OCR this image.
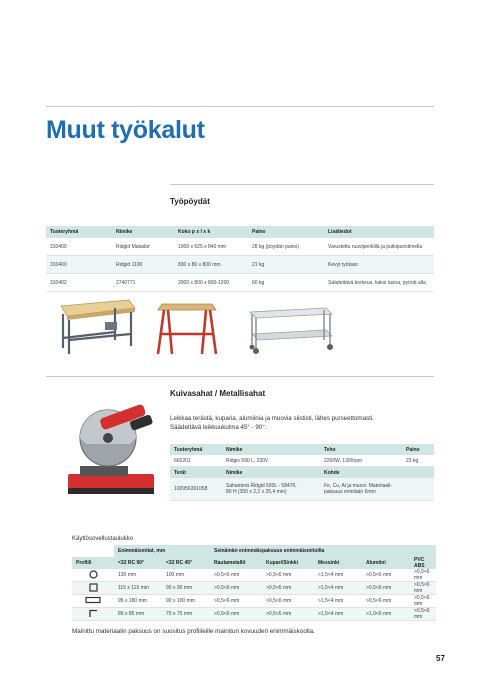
Muut työkalut
Työpöydät
Tuoteryhmä	Nimike	Koko p x l x k	Paino	Lisätiedot
310400	Ridgid Matador	1000 x 625 x 840 mm	28 kg (pöydän paino)	Varustettu ruuvipenkillä ja putkipuristimella
310400	Ridgid 1100	830 x 80 x 800 mm	21 kg	Kevyt työtaso
310402	2740771	2000 x 800 x 800-1200	60 kg	Säädettävä korkeus, kaksi tasoa, pyörät alla
Kuivasahat / Metallisahat

Leikkaa terästä, kuparia, alumiinia ja muovia siististi, lähes purseettomasti.
Säädettävä leikkuukulma 45° - 90°.

Tuoteryhmä	Nimike	Teho	Paino
660201	Ridgis 590 L, 230V	2200W, 1300rpm	23 kg
Terät	Nimike	Kohde	
100956301058	Sahanterä Ridgid 590L - 58476,
80 H (350 x 2,2 x 25,4 mm)	Fe, Cu, Al ja muovi. Materiaali-
paksuus enintään 6mm	

Käyttösovellustaulukko

	Enimmäismitat, mm		Seinämän enimmäispaksuus enimmäismitoilla				
Profiili	<32 RC 90°	<32 RC 45°	Rautametallit	Kupari/Sinkki	Messinki	Alumiini	PVC ABS
	130 mm	100 mm	>0,5<6 mm	>0,5<6 mm	>1,5<4 mm	>0,5<6 mm	>0,5<6 mm
	115 x 115 mm	90 x 90 mm	>0,5<6 mm	>0,5<6 mm	>1,5<4 mm	>0,5<6 mm	>0,5<6 mm
	95 x 180 mm	90 x 100 mm	>0,5<6 mm	>0,5<6 mm	>1,5<4 mm	>0,5<6 mm	>0,5<6 mm
	85 x 85 mm	75 x 75 mm	>0,5<6 mm	>0,5<6 mm	>1,5<4 mm	>1,0<6 mm	>0,5<6 mm

Mainittu materiaalin paksuus on suositus profiileille mainitun kovuuden enimmäiskoolla.

57
